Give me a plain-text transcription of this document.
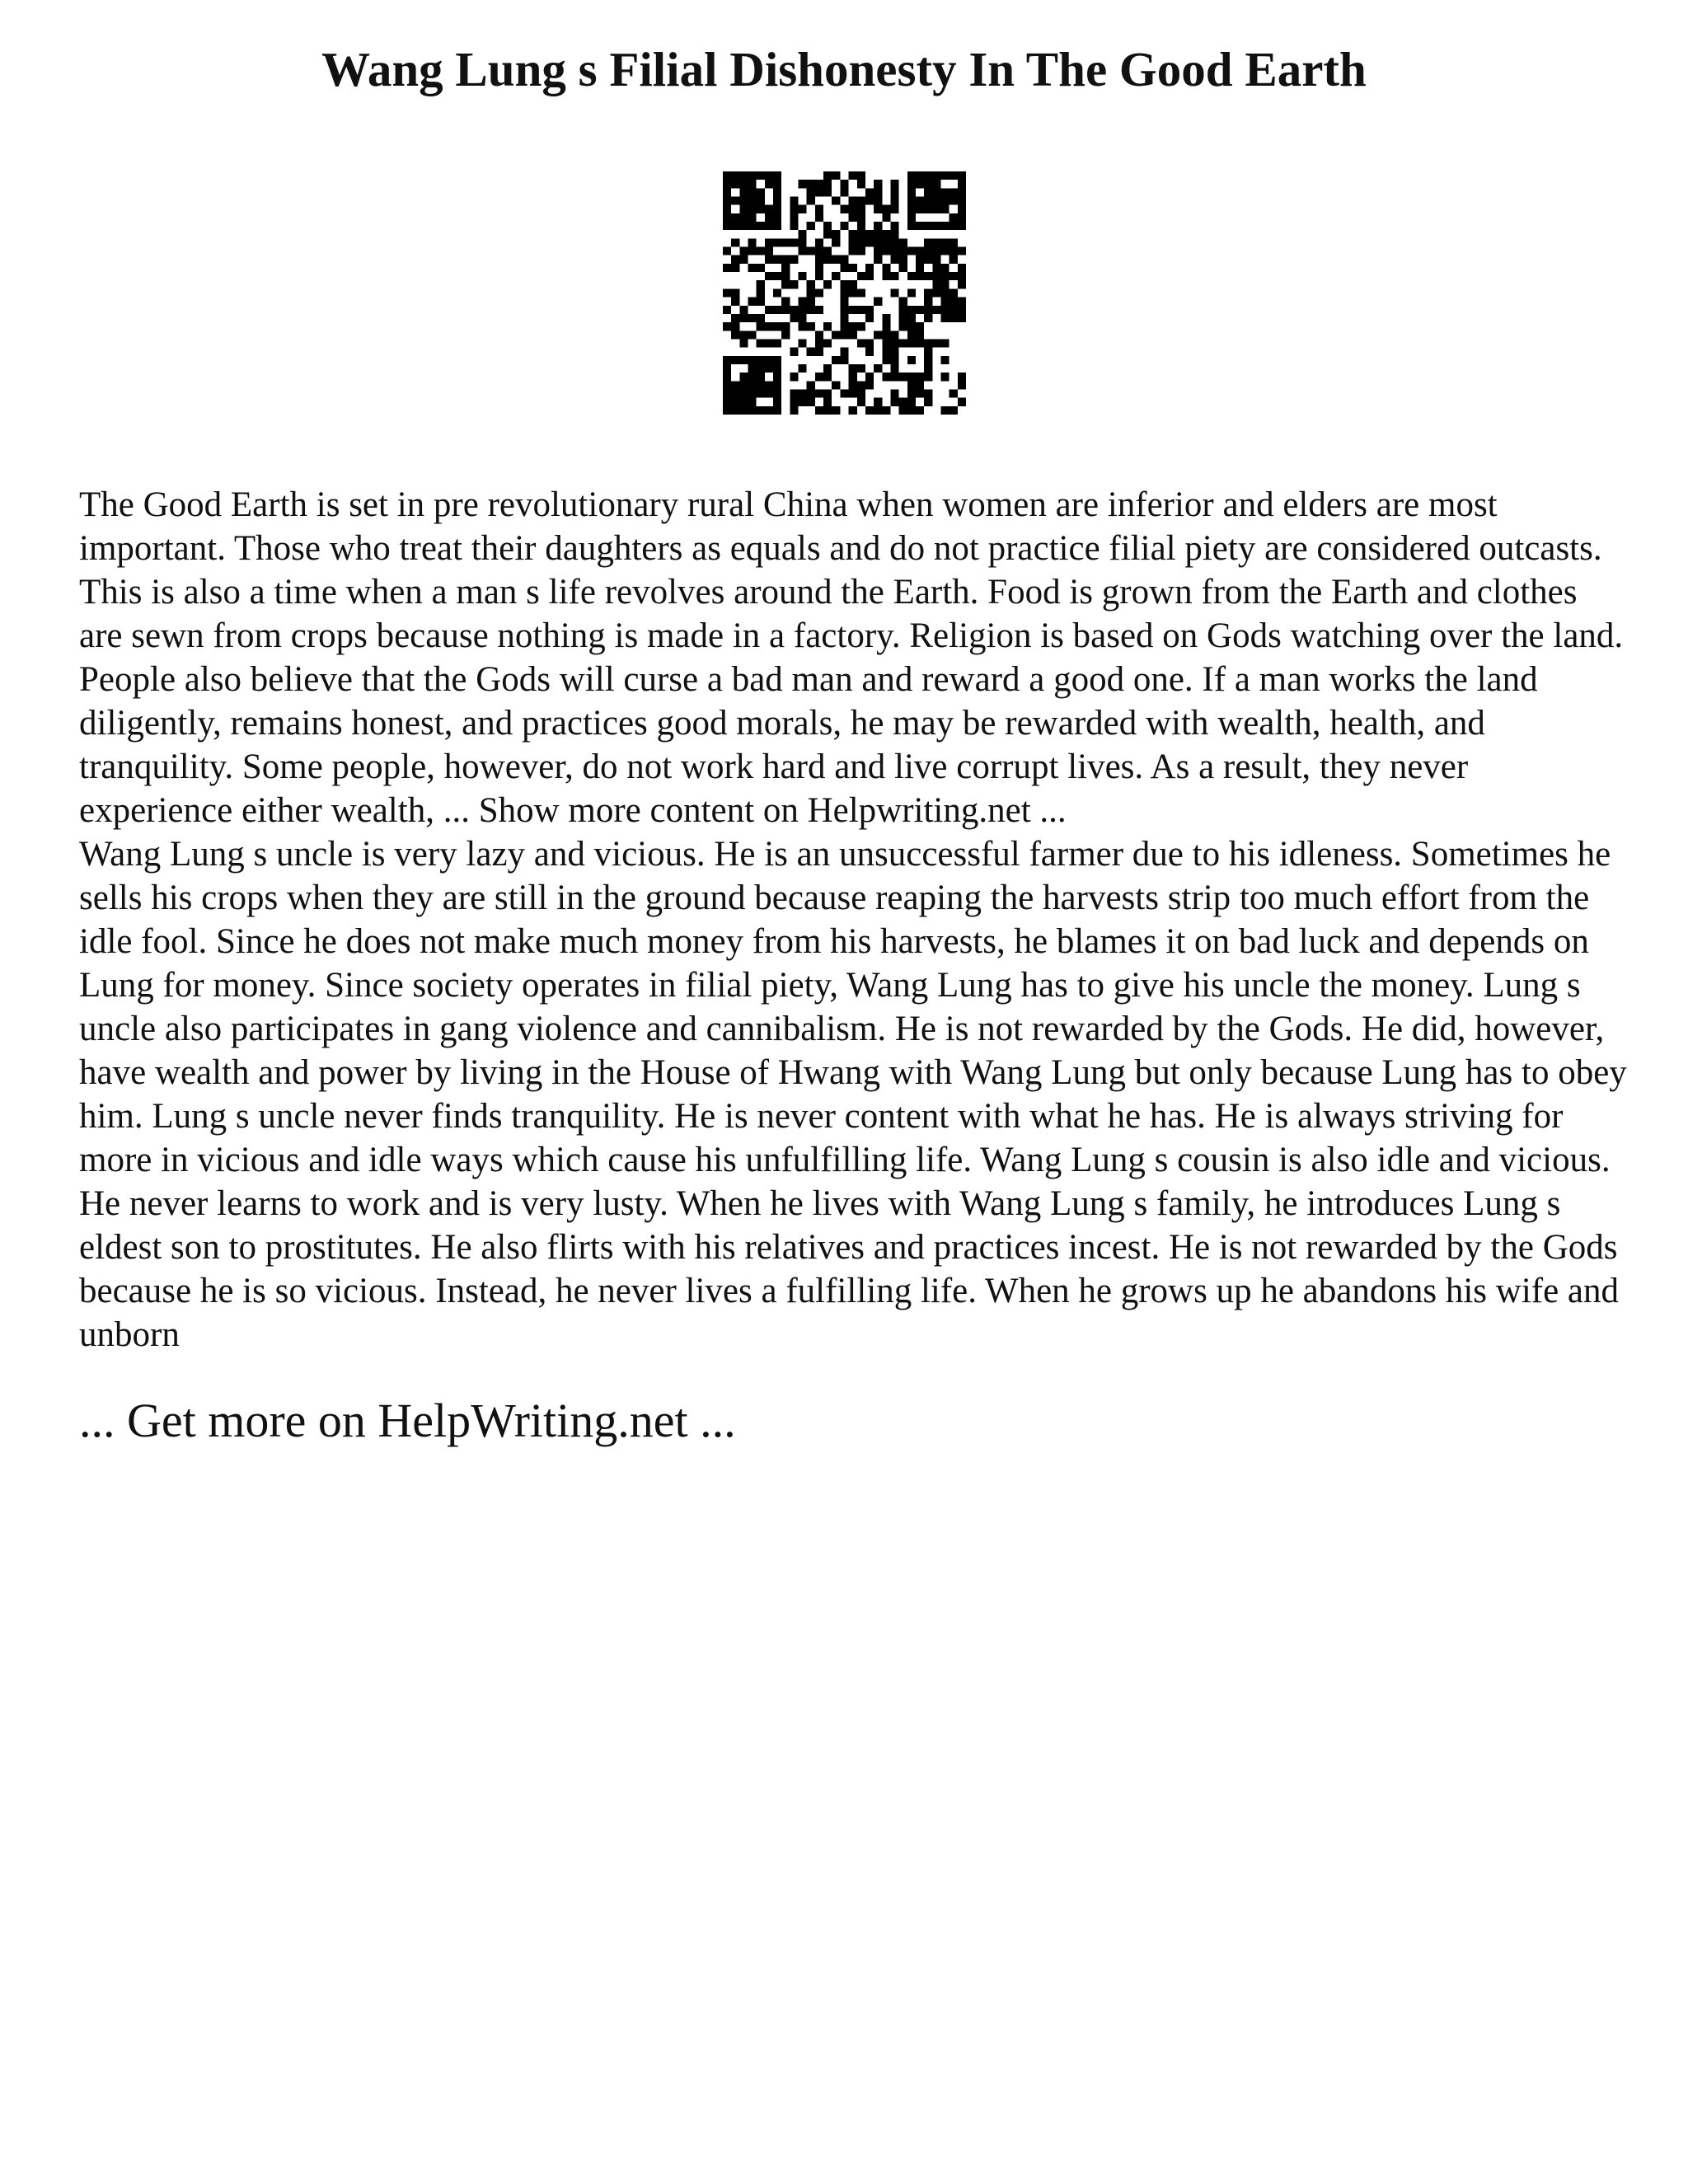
Wang Lung s Filial Dishonesty In The Good Earth

The Good Earth is set in pre revolutionary rural China when women are inferior and elders are most important. Those who treat their daughters as equals and do not practice filial piety are considered outcasts. This is also a time when a man s life revolves around the Earth. Food is grown from the Earth and clothes are sewn from crops because nothing is made in a factory. Religion is based on Gods watching over the land. People also believe that the Gods will curse a bad man and reward a good one. If a man works the land diligently, remains honest, and practices good morals, he may be rewarded with wealth, health, and tranquility. Some people, however, do not work hard and live corrupt lives. As a result, they never experience either wealth, ... Show more content on Helpwriting.net ...

Wang Lung s uncle is very lazy and vicious. He is an unsuccessful farmer due to his idleness. Sometimes he sells his crops when they are still in the ground because reaping the harvests strip too much effort from the idle fool. Since he does not make much money from his harvests, he blames it on bad luck and depends on Lung for money. Since society operates in filial piety, Wang Lung has to give his uncle the money. Lung s uncle also participates in gang violence and cannibalism. He is not rewarded by the Gods. He did, however, have wealth and power by living in the House of Hwang with Wang Lung but only because Lung has to obey him. Lung s uncle never finds tranquility. He is never content with what he has. He is always striving for more in vicious and idle ways which cause his unfulfilling life. Wang Lung s cousin is also idle and vicious. He never learns to work and is very lusty. When he lives with Wang Lung s family, he introduces Lung s eldest son to prostitutes. He also flirts with his relatives and practices incest. He is not rewarded by the Gods because he is so vicious. Instead, he never lives a fulfilling life. When he grows up he abandons his wife and unborn

... Get more on HelpWriting.net ...
